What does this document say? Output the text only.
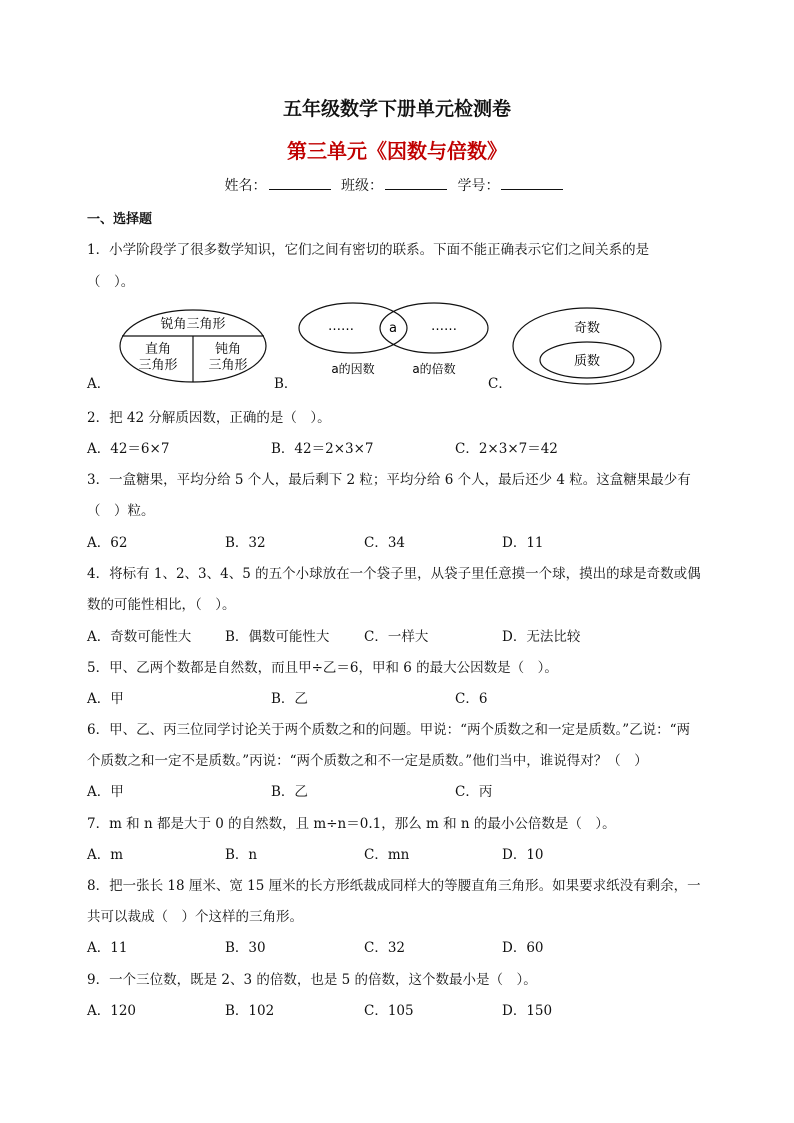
五年级数学下册单元检测卷
第三单元《因数与倍数》
姓名：	班级：	学号：
一、选择题
1．小学阶段学了很多数学知识，它们之间有密切的联系。下面不能正确表示它们之间关系的是
（　）。
A．
锐角三角形
直角
三角形
钝角
三角形
B．
……	a	……
a的因数	a的倍数
C．
奇数
质数
2．把 42 分解质因数，正确的是（　）。
A．42＝6×7	B．42＝2×3×7	C．2×3×7＝42
3．一盒糖果，平均分给 5 个人，最后剩下 2 粒；平均分给 6 个人，最后还少 4 粒。这盒糖果最少有
（　）粒。
A．62	B．32	C．34	D．11
4．将标有 1、2、3、4、5 的五个小球放在一个袋子里，从袋子里任意摸一个球，摸出的球是奇数或偶
数的可能性相比，（　）。
A．奇数可能性大	B．偶数可能性大	C．一样大	D．无法比较
5．甲、乙两个数都是自然数，而且甲÷乙＝6，甲和 6 的最大公因数是（　）。
A．甲	B．乙	C．6
6．甲、乙、丙三位同学讨论关于两个质数之和的问题。甲说：“两个质数之和一定是质数。”乙说：“两
个质数之和一定不是质数。”丙说：“两个质数之和不一定是质数。”他们当中，谁说得对？（　）
A．甲	B．乙	C．丙
7．m 和 n 都是大于 0 的自然数，且 m÷n＝0.1，那么 m 和 n 的最小公倍数是（　）。
A．m	B．n	C．mn	D．10
8．把一张长 18 厘米、宽 15 厘米的长方形纸裁成同样大的等腰直角三角形。如果要求纸没有剩余，一
共可以裁成（　）个这样的三角形。
A．11	B．30	C．32	D．60
9．一个三位数，既是 2、3 的倍数，也是 5 的倍数，这个数最小是（　）。
A．120	B．102	C．105	D．150
